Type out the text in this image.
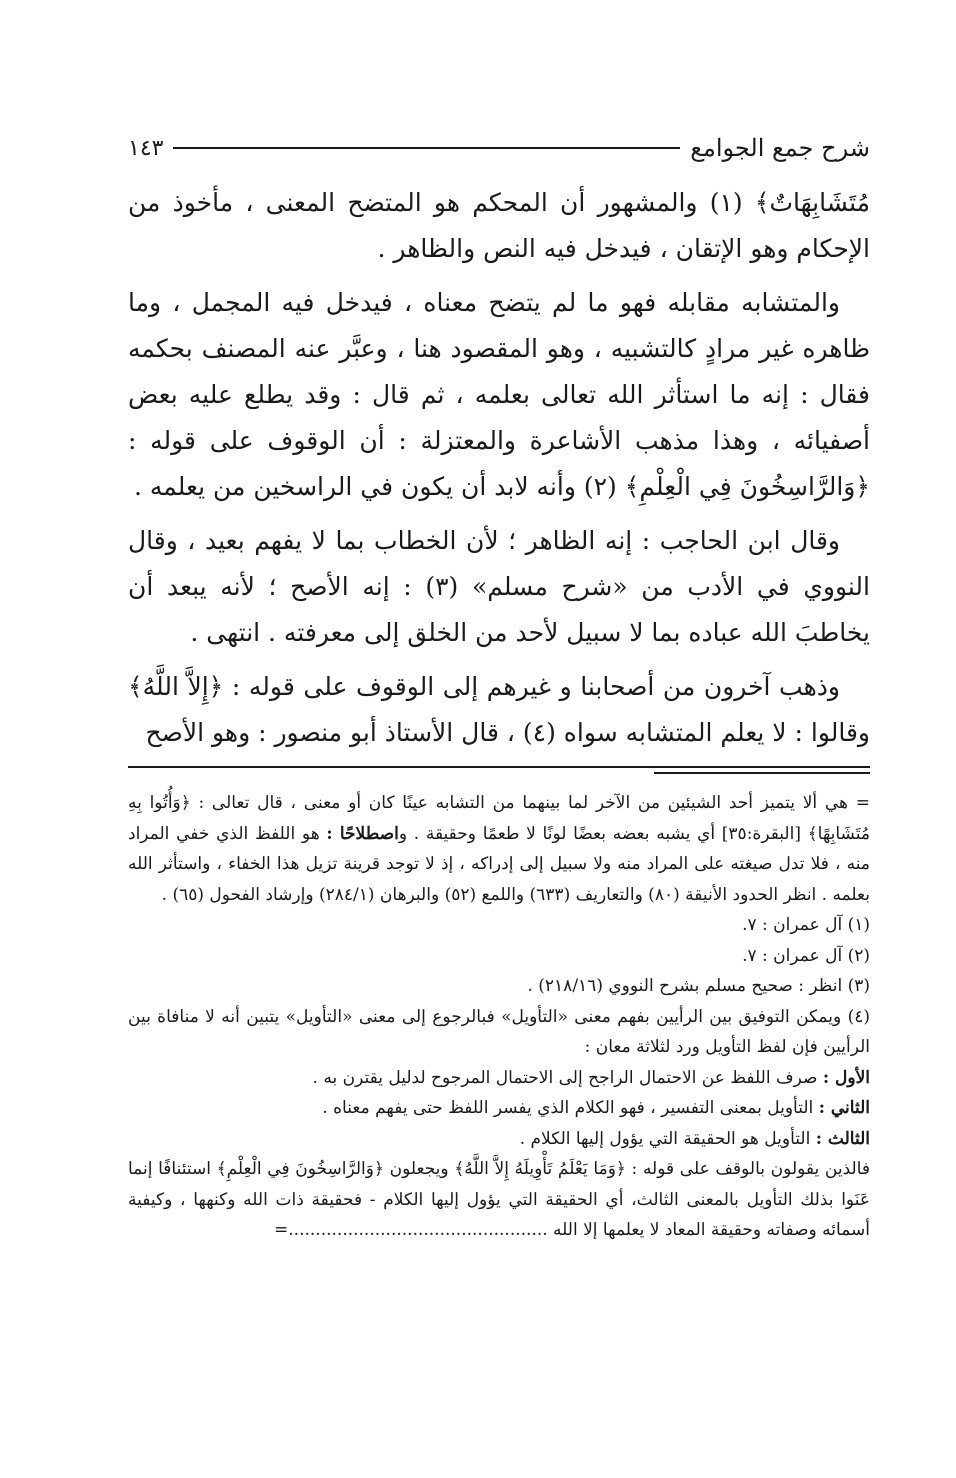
شرح جمع الجوامع
١٤٣

مُتَشَابِهَاتٌ﴾ (١) والمشهور أن المحكم هو المتضح المعنى ، مأخوذ من الإحكام وهو الإتقان ، فيدخل فيه النص والظاهر .

والمتشابه مقابله فهو ما لم يتضح معناه ، فيدخل فيه المجمل ، وما ظاهره غير مرادٍ كالتشبيه ، وهو المقصود هنا ، وعبَّر عنه المصنف بحكمه فقال : إنه ما استأثر الله تعالى بعلمه ، ثم قال : وقد يطلع عليه بعض أصفيائه ، وهذا مذهب الأشاعرة والمعتزلة : أن الوقوف على قوله : ﴿وَالرَّاسِخُونَ فِي الْعِلْمِ﴾ (٢) وأنه لابد أن يكون في الراسخين من يعلمه .

وقال ابن الحاجب : إنه الظاهر ؛ لأن الخطاب بما لا يفهم بعيد ، وقال النووي في الأدب من «شرح مسلم» (٣) : إنه الأصح ؛ لأنه يبعد أن يخاطبَ الله عباده بما لا سبيل لأحد من الخلق إلى معرفته . انتهى .

وذهب آخرون من أصحابنا و غيرهم إلى الوقوف على قوله : ﴿إِلاَّ اللَّهُ﴾ وقالوا : لا يعلم المتشابه سواه (٤) ، قال الأستاذ أبو منصور : وهو الأصح

= هي ألا يتميز أحد الشيئين من الآخر لما بينهما من التشابه عينًا كان أو معنى ، قال تعالى : ﴿وَأُتُوا بِهِ مُتَشَابِهًا﴾ [البقرة:٣٥] أي يشبه بعضه بعضًا لونًا لا طعمًا وحقيقة . واصطلاحًا : هو اللفظ الذي خفي المراد منه ، فلا تدل صيغته على المراد منه ولا سبيل إلى إدراكه ، إذ لا توجد قرينة تزيل هذا الخفاء ، واستأثر الله بعلمه . انظر الحدود الأنيقة (٨٠) والتعاريف (٦٣٣) واللمع (٥٢) والبرهان (٢٨٤/١) وإرشاد الفحول (٦٥) .

(١) آل عمران : ٧.

(٢) آل عمران : ٧.

(٣) انظر : صحيح مسلم بشرح النووي (٢١٨/١٦) .

(٤) ويمكن التوفيق بين الرأيين بفهم معنى «التأويل» فبالرجوع إلى معنى «التأويل» يتبين أنه لا منافاة بين الرأيين فإن لفظ التأويل ورد لثلاثة معان :

الأول : صرف اللفظ عن الاحتمال الراجح إلى الاحتمال المرجوح لدليل يقترن به .

الثاني : التأويل بمعنى التفسير ، فهو الكلام الذي يفسر اللفظ حتى يفهم معناه .

الثالث : التأويل هو الحقيقة التي يؤول إليها الكلام .

فالذين يقولون بالوقف على قوله : ﴿وَمَا يَعْلَمُ تَأْوِيلَهُ إِلاَّ اللَّهُ﴾ ويجعلون ﴿وَالرَّاسِخُونَ فِي الْعِلْمِ﴾ استئنافًا إنما عَنَوا بذلك التأويل بالمعنى الثالث، أي الحقيقة التي يؤول إليها الكلام - فحقيقة ذات الله وكنهها ، وكيفية أسمائه وصفاته وحقيقة المعاد لا يعلمها إلا الله ................................................=
